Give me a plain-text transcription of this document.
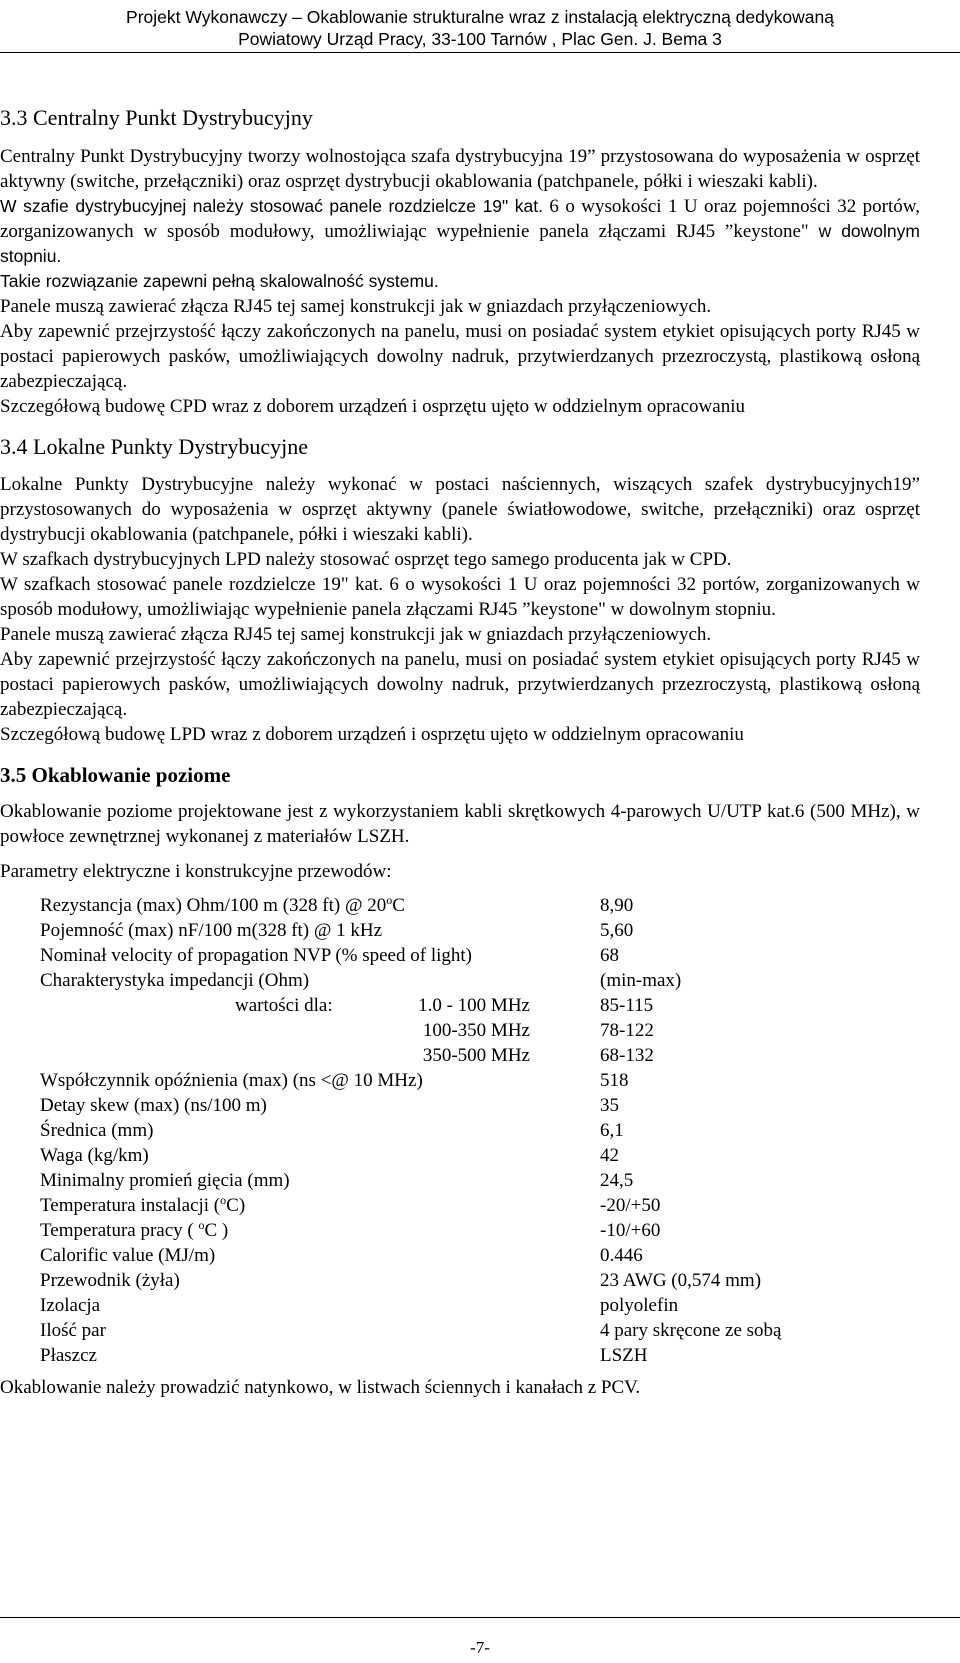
Projekt Wykonawczy – Okablowanie strukturalne wraz z instalacją elektryczną dedykowaną
Powiatowy Urząd Pracy, 33-100 Tarnów , Plac Gen. J. Bema 3
3.3 Centralny Punkt Dystrybucyjny

Centralny Punkt Dystrybucyjny tworzy wolnostojąca szafa dystrybucyjna 19” przystosowana do wyposażenia w osprzęt aktywny (switche, przełączniki) oraz osprzęt dystrybucji okablowania (patchpanele, półki i wieszaki kabli).

W szafie dystrybucyjnej należy stosować panele rozdzielcze 19" kat. 6 o wysokości 1 U oraz pojemności 32 portów, zorganizowanych w sposób modułowy, umożliwiając wypełnienie panela złączami RJ45 ”keystone" w dowolnym stopniu.

Takie rozwiązanie zapewni pełną skalowalność systemu.

Panele muszą zawierać złącza RJ45 tej samej konstrukcji jak w gniazdach przyłączeniowych.

Aby zapewnić przejrzystość łączy zakończonych na panelu, musi on posiadać system etykiet opisujących porty RJ45 w postaci papierowych pasków, umożliwiających dowolny nadruk, przytwierdzanych przezroczystą, plastikową osłoną zabezpieczającą.

Szczegółową budowę CPD wraz z doborem urządzeń i osprzętu ujęto w oddzielnym opracowaniu

3.4 Lokalne Punkty Dystrybucyjne

Lokalne Punkty Dystrybucyjne należy wykonać w postaci naściennych, wiszących szafek dystrybucyjnych19” przystosowanych do wyposażenia w osprzęt aktywny (panele światłowodowe, switche, przełączniki) oraz osprzęt dystrybucji okablowania (patchpanele, półki i wieszaki kabli).

W szafkach dystrybucyjnych LPD należy stosować osprzęt tego samego producenta jak w CPD.

W szafkach stosować panele rozdzielcze 19" kat. 6 o wysokości 1 U oraz pojemności 32 portów, zorganizowanych w sposób modułowy, umożliwiając wypełnienie panela złączami RJ45 ”keystone" w dowolnym stopniu.

Panele muszą zawierać złącza RJ45 tej samej konstrukcji jak w gniazdach przyłączeniowych.

Aby zapewnić przejrzystość łączy zakończonych na panelu, musi on posiadać system etykiet opisujących porty RJ45 w postaci papierowych pasków, umożliwiających dowolny nadruk, przytwierdzanych przezroczystą, plastikową osłoną zabezpieczającą.

Szczegółową budowę LPD wraz z doborem urządzeń i osprzętu ujęto w oddzielnym opracowaniu

3.5 Okablowanie poziome

Okablowanie poziome projektowane jest z wykorzystaniem kabli skrętkowych 4-parowych U/UTP kat.6 (500 MHz), w powłoce zewnętrznej wykonanej z materiałów LSZH.

Parametry elektryczne i konstrukcyjne przewodów:

Rezystancja (max) Ohm/100 m (328 ft) @ 20$^o$C	8,90
Pojemność (max) nF/100 m(328 ft) @ 1 kHz	5,60
Nominał velocity of propagation NVP (% speed of light)	68
Charakterystyka impedancji (Ohm)	(min-max)
wartości dla: 1.0 - 100 MHz	85-115
100-350 MHz	78-122
350-500 MHz	68-132
Współczynnik opóźnienia (max) (ns <@ 10 MHz)	518
Detay skew (max) (ns/100 m)	35
Średnica (mm)	6,1
Waga (kg/km)	42
Minimalny promień gięcia (mm)	24,5
Temperatura instalacji ($^o$C)	-20/+50
Temperatura pracy ( $^o$C )	-10/+60
Calorific value (MJ/m)	0.446
Przewodnik (żyła)	23 AWG (0,574 mm)
Izolacja	polyolefin
Ilość par	4 pary skręcone ze sobą
Płaszcz	LSZH

Okablowanie należy prowadzić natynkowo, w listwach ściennych i kanałach z PCV.

-7-
